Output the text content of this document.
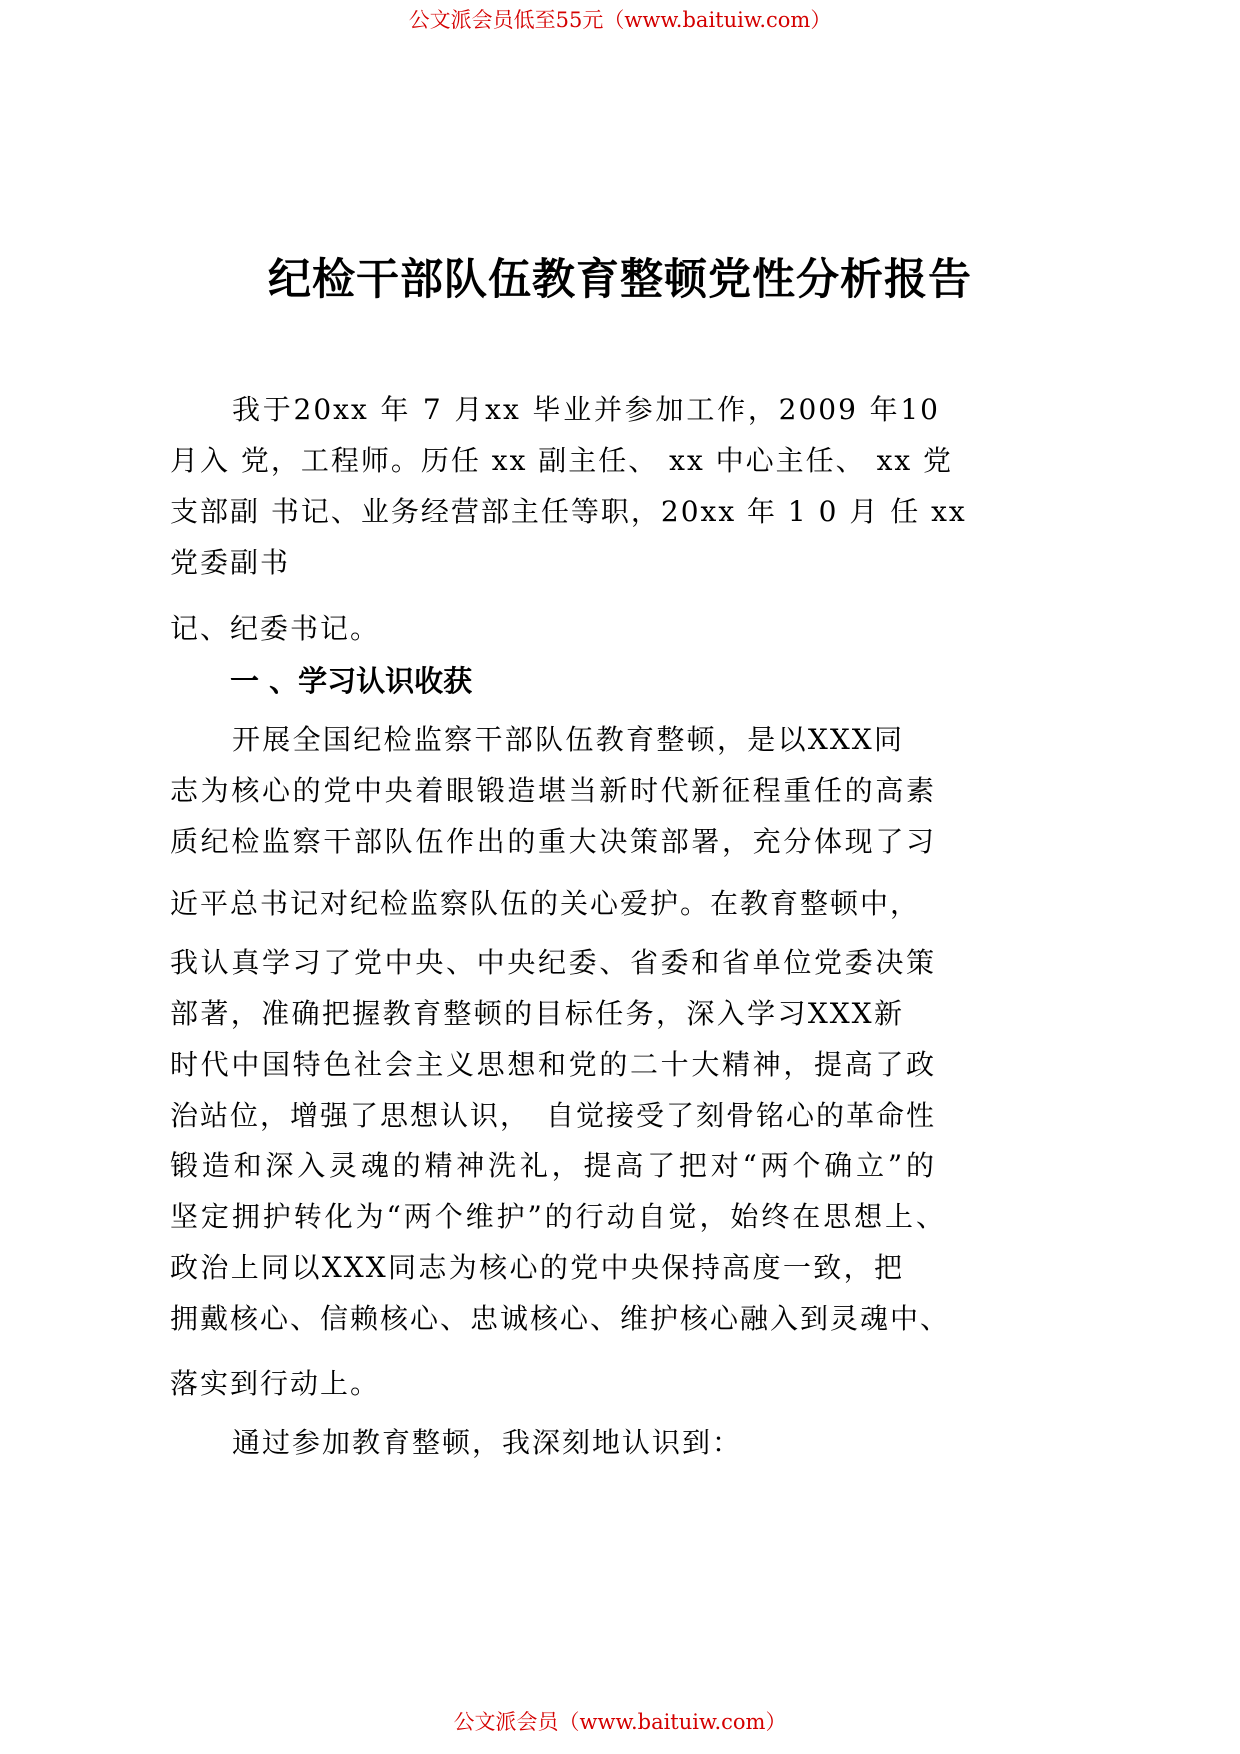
公文派会员低至55元（www.baituiw.com）
纪检干部队伍教育整顿党性分析报告
我于20xx 年 7 月xx 毕业并参加工作，2009 年10
月入 党，工程师。历任 xx 副主任、 xx 中心主任、 xx 党
支部副 书记、业务经营部主任等职，20xx 年 1 0 月 任 xx
党委副书
记、纪委书记。
一 、学习认识收获
开展全国纪检监察干部队伍教育整顿，是以XXX同
志为核心的党中央着眼锻造堪当新时代新征程重任的高素
质纪检监察干部队伍作出的重大决策部署，充分体现了习
近平总书记对纪检监察队伍的关心爱护。在教育整顿中，
我认真学习了党中央、中央纪委、省委和省单位党委决策
部著，准确把握教育整顿的目标任务，深入学习XXX新
时代中国特色社会主义思想和党的二十大精神，提高了政
治站位，增强了思想认识，　自觉接受了刻骨铭心的革命性
锻造和深入灵魂的精神洗礼，提高了把对“两个确立”的
坚定拥护转化为“两个维护”的行动自觉，始终在思想上、
政治上同以XXX同志为核心的党中央保持高度一致，把
拥戴核心、信赖核心、忠诚核心、维护核心融入到灵魂中、
落实到行动上。
通过参加教育整顿，我深刻地认识到：
公文派会员（www.baituiw.com）
